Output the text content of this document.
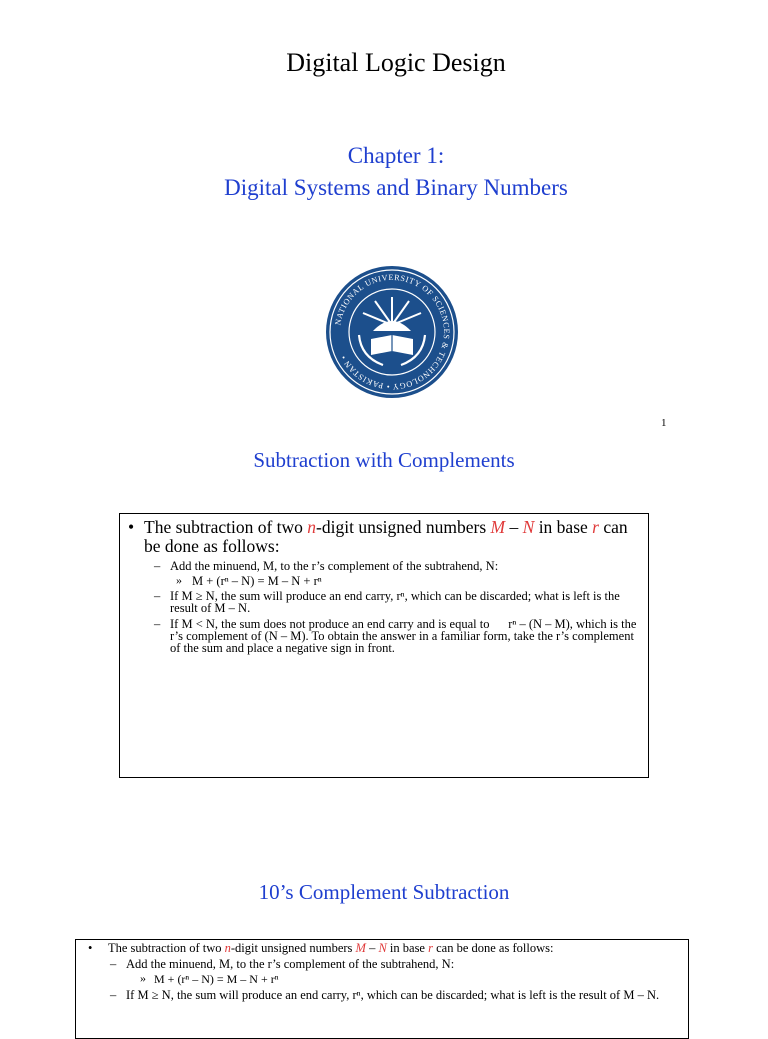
Digital Logic Design
Chapter 1:
Digital Systems and Binary Numbers
NATIONAL UNIVERSITY OF SCIENCES & TECHNOLOGY • PAKISTAN •
1
Subtraction with Complements
• The subtraction of two n-digit unsigned numbers M – N in base r can be done as follows:
– Add the minuend, M, to the r’s complement of the subtrahend, N:
» M + (rⁿ – N) = M – N + rⁿ
– If M ≥ N, the sum will produce an end carry, rⁿ, which can be discarded; what is left is the result of M – N.
– If M < N, the sum does not produce an end carry and is equal to      rⁿ – (N – M), which is the r’s complement of (N – M). To obtain the answer in a familiar form, take the r’s complement of the sum and place a negative sign in front.
10’s Complement Subtraction
• The subtraction of two n-digit unsigned numbers M – N in base r can be done as follows:
– Add the minuend, M, to the r’s complement of the subtrahend, N:
» M + (rⁿ – N) = M – N + rⁿ
– If M ≥ N, the sum will produce an end carry, rⁿ, which can be discarded; what is left is the result of M – N.
